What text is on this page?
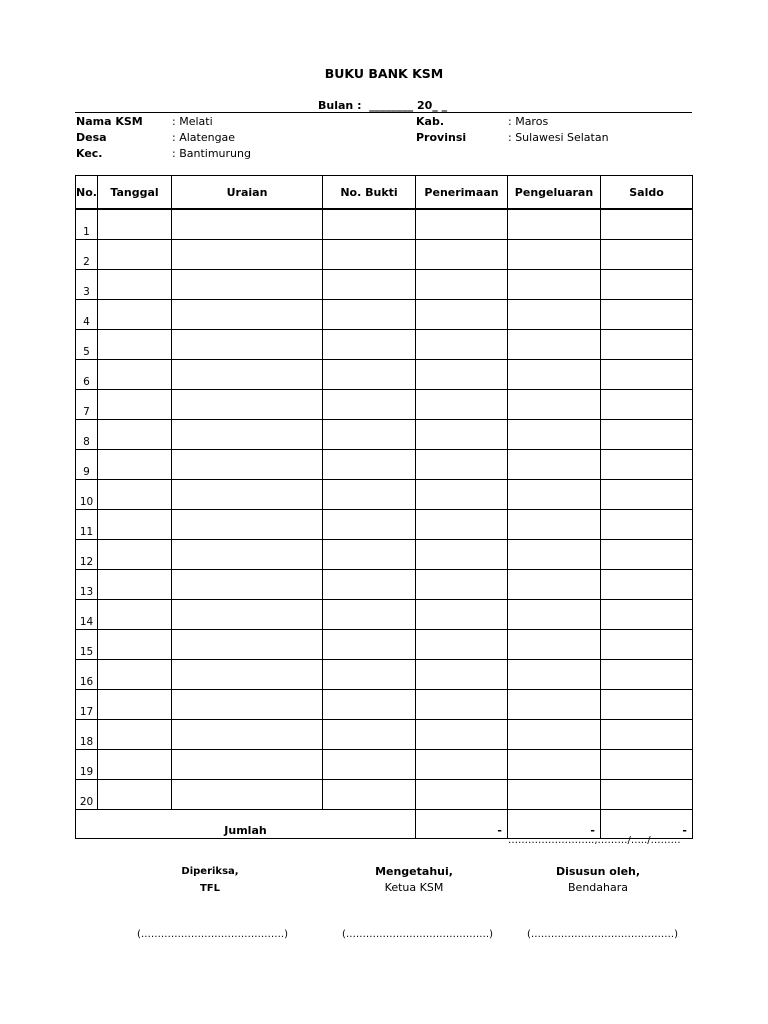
BUKU BANK KSM
Bulan :  ________ 20_ _
Nama KSM	: Melati
Desa	: Alatengae
Kec.	: Bantimurung
Kab.	: Maros
Provinsi	: Sulawesi Selatan
No.	Tanggal	Uraian	No. Bukti	Penerimaan	Pengeluaran	Saldo
1						
2						
3						
4						
5						
6						
7						
8						
9						
10						
11						
12						
13						
14						
15						
16						
17						
18						
19						
20						
Jumlah				-	-	-
……………………..,………/…../………
Diperiksa,
TFL
Mengetahui,
Ketua KSM
Disusun oleh,
Bendahara
(…………………………………….)	(…………………………………….)	(…………………………………….)
